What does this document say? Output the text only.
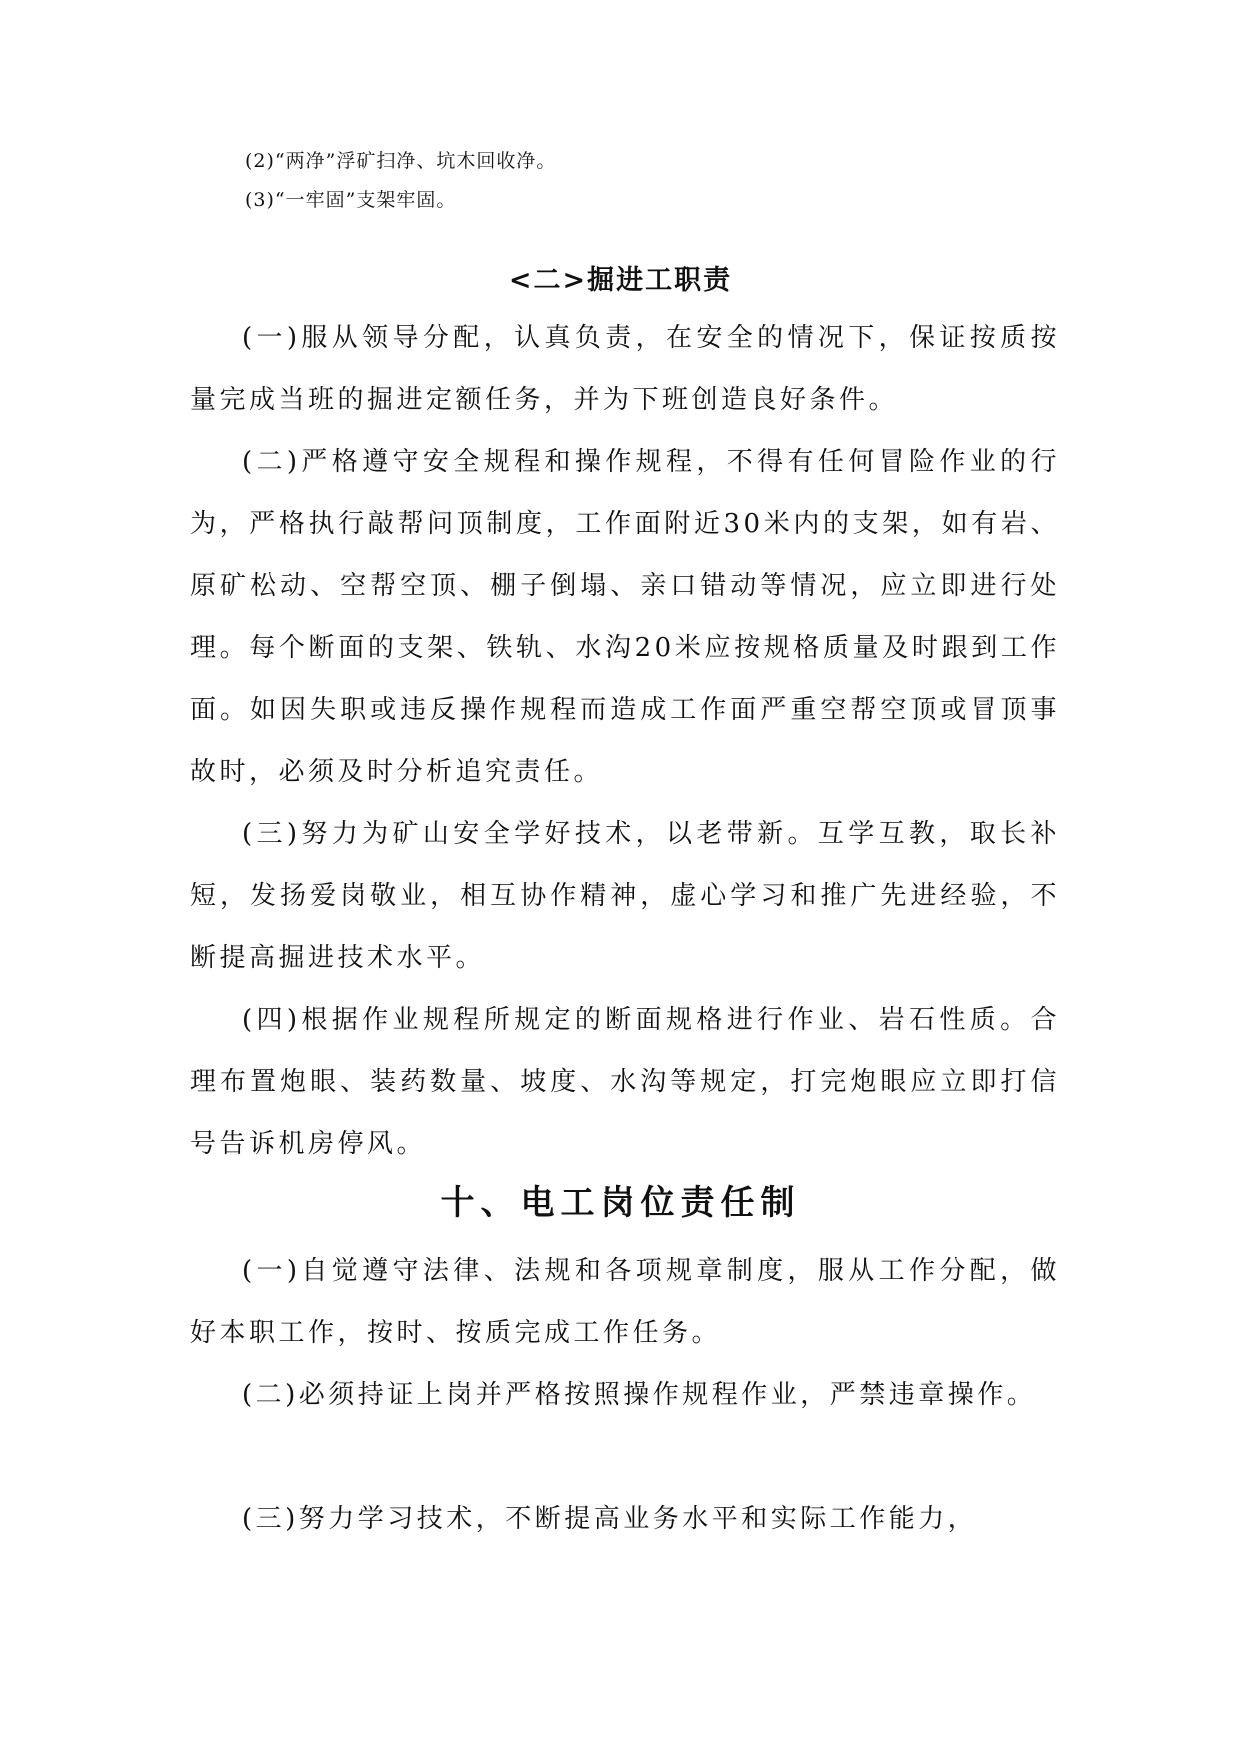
(2)“两净”浮矿扫净、坑木回收净。
(3)“一牢固”支架牢固。
<二>掘进工职责

(一)服从领导分配，认真负责，在安全的情况下，保证按质按量完成当班的掘进定额任务，并为下班创造良好条件。

(二)严格遵守安全规程和操作规程，不得有任何冒险作业的行为，严格执行敲帮问顶制度，工作面附近30米内的支架，如有岩、原矿松动、空帮空顶、棚子倒塌、亲口错动等情况，应立即进行处理。每个断面的支架、铁轨、水沟20米应按规格质量及时跟到工作面。如因失职或违反操作规程而造成工作面严重空帮空顶或冒顶事故时，必须及时分析追究责任。

(三)努力为矿山安全学好技术，以老带新。互学互教，取长补短，发扬爱岗敬业，相互协作精神，虚心学习和推广先进经验，不断提高掘进技术水平。

(四)根据作业规程所规定的断面规格进行作业、岩石性质。合理布置炮眼、装药数量、坡度、水沟等规定，打完炮眼应立即打信号告诉机房停风。

十、电工岗位责任制

(一)自觉遵守法律、法规和各项规章制度，服从工作分配，做好本职工作，按时、按质完成工作任务。

(二)必须持证上岗并严格按照操作规程作业，严禁违章操作。

(三)努力学习技术，不断提高业务水平和实际工作能力，
